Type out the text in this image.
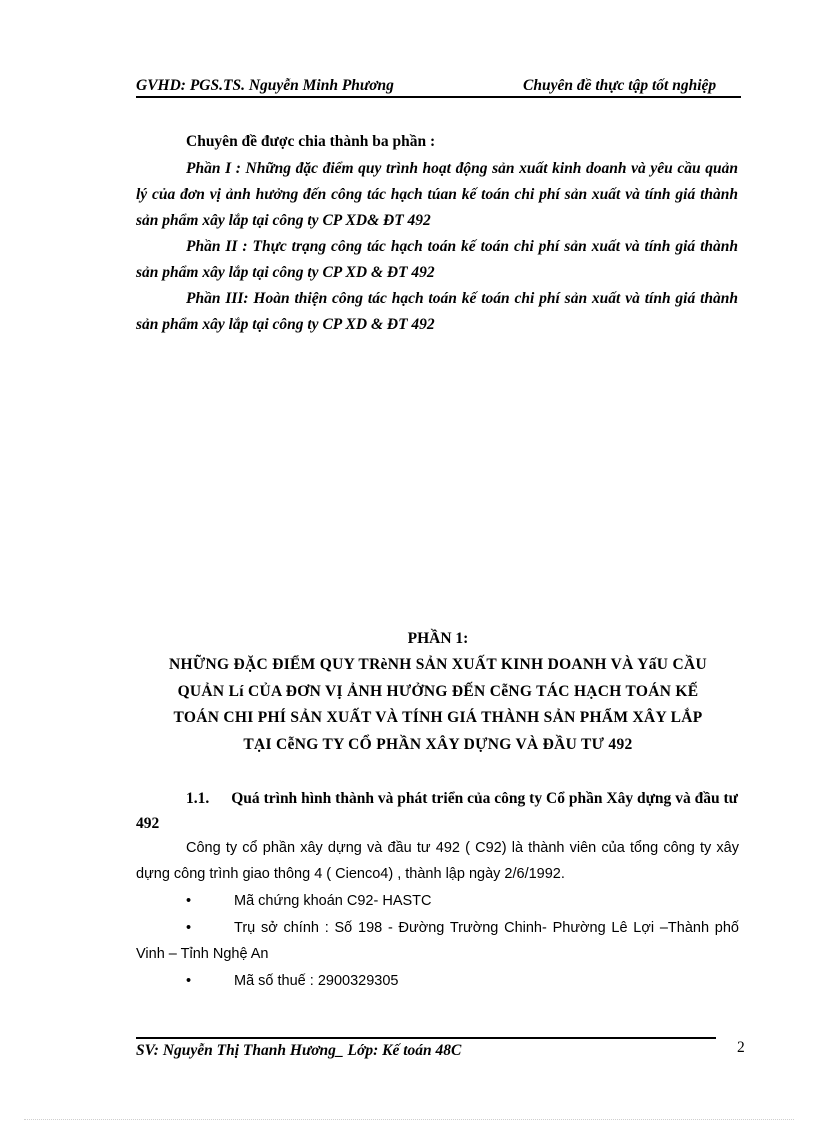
GVHD: PGS.TS. Nguyễn Minh Phương	Chuyên đề thực tập tốt nghiệp
Chuyên đề được chia thành ba phần :
Phần I : Những đặc điểm quy trình hoạt động sản xuất kinh doanh và yêu cầu quản lý của đơn vị ảnh hưởng đến công tác hạch túan kế toán chi phí sản xuất và tính giá thành sản phẩm xây lắp tại công ty CP XD& ĐT 492
Phần II : Thực trạng công tác hạch toán kế toán chi phí sản xuất và tính giá thành sản phẩm xây lắp tại công ty CP XD & ĐT 492
Phần III: Hoàn thiện công tác hạch toán kế toán chi phí sản xuất và tính giá thành sản phẩm xây lắp tại công ty CP XD & ĐT 492
PHẦN 1:
NHỮNG ĐẶC ĐIỂM QUY TRèNH SẢN XUẤT KINH DOANH VÀ YấU CẦU
QUẢN Lí CỦA ĐƠN VỊ ẢNH HƯỞNG ĐẾN CễNG TÁC HẠCH TOÁN KẾ
TOÁN CHI PHÍ SẢN XUẤT VÀ TÍNH GIÁ THÀNH SẢN PHẨM XÂY LẮP
TẠI CễNG TY CỔ PHẦN XÂY DỰNG VÀ ĐẦU TƯ 492
1.1. Quá trình hình thành và phát triển của công ty Cổ phần Xây dựng và đầu tư 492
Công ty cổ phần xây dựng và đầu tư 492 ( C92) là thành viên của tổng công ty xây dựng công trình giao thông 4 ( Cienco4) , thành lập ngày 2/6/1992.
•	Mã chứng khoán C92- HASTC
•	Trụ sở chính : Số 198 - Đường Trường Chinh- Phường Lê Lợi –Thành phố Vinh – Tỉnh Nghệ An
•	Mã số thuế : 2900329305
SV: Nguyễn Thị Thanh Hương_ Lớp: Kế toán 48C	2
